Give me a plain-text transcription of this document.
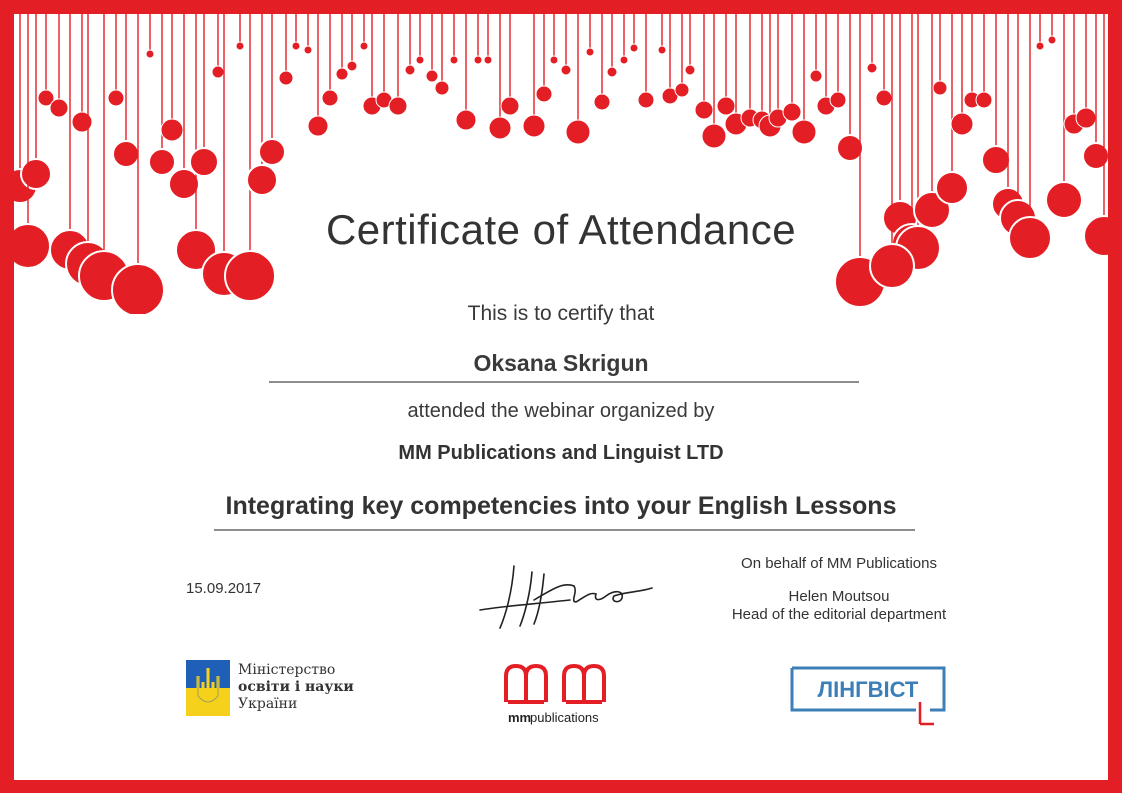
Certificate of Attendance
This is to certify that
Oksana Skrigun
attended the webinar organized by
MM Publications and Linguist LTD
Integrating key competencies into your English Lessons
15.09.2017
On behalf of MM Publications
Helen Moutsou
Head of the editorial department
Міністерство
освіти і науки
України
mm
publications
ЛІНГВІСТ
